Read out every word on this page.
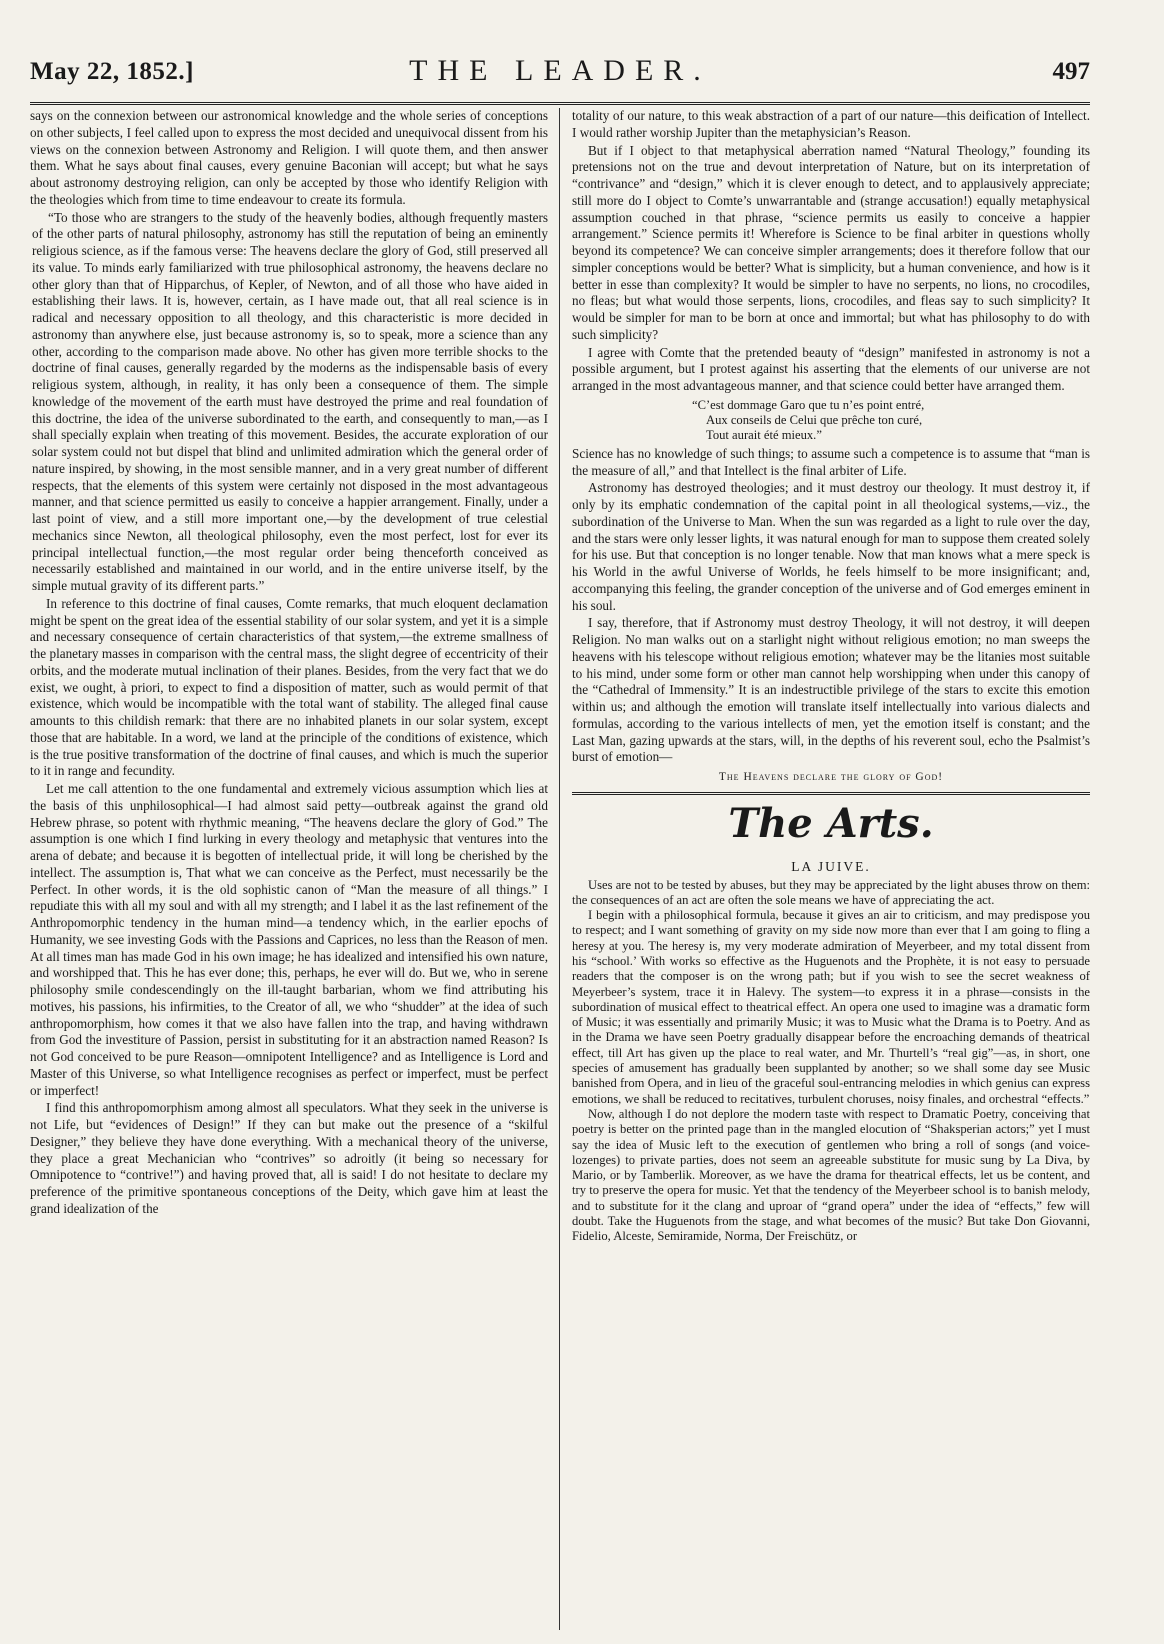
May 22, 1852.]	THE LEADER.	497

says on the connexion between our astronomical knowledge and the whole series of conceptions on other subjects, I feel called upon to express the most decided and unequivocal dissent from his views on the connexion between Astronomy and Religion. I will quote them, and then answer them. What he says about final causes, every genuine Baconian will accept; but what he says about astronomy destroying religion, can only be accepted by those who identify Religion with the theologies which from time to time endeavour to create its formula.

“To those who are strangers to the study of the heavenly bodies, although frequently masters of the other parts of natural philosophy, astronomy has still the reputation of being an eminently religious science, as if the famous verse: The heavens declare the glory of God, still preserved all its value. To minds early familiarized with true philosophical astronomy, the heavens declare no other glory than that of Hipparchus, of Kepler, of Newton, and of all those who have aided in establishing their laws. It is, however, certain, as I have made out, that all real science is in radical and necessary opposition to all theology, and this characteristic is more decided in astronomy than anywhere else, just because astronomy is, so to speak, more a science than any other, according to the comparison made above. No other has given more terrible shocks to the doctrine of final causes, generally regarded by the moderns as the indispensable basis of every religious system, although, in reality, it has only been a consequence of them. The simple knowledge of the movement of the earth must have destroyed the prime and real foundation of this doctrine, the idea of the universe subordinated to the earth, and consequently to man,—as I shall specially explain when treating of this movement. Besides, the accurate exploration of our solar system could not but dispel that blind and unlimited admiration which the general order of nature inspired, by showing, in the most sensible manner, and in a very great number of different respects, that the elements of this system were certainly not disposed in the most advantageous manner, and that science permitted us easily to conceive a happier arrangement. Finally, under a last point of view, and a still more important one,—by the development of true celestial mechanics since Newton, all theological philosophy, even the most perfect, lost for ever its principal intellectual function,—the most regular order being thenceforth conceived as necessarily established and maintained in our world, and in the entire universe itself, by the simple mutual gravity of its different parts.”

In reference to this doctrine of final causes, Comte remarks, that much eloquent declamation might be spent on the great idea of the essential stability of our solar system, and yet it is a simple and necessary consequence of certain characteristics of that system,—the extreme smallness of the planetary masses in comparison with the central mass, the slight degree of eccentricity of their orbits, and the moderate mutual inclination of their planes. Besides, from the very fact that we do exist, we ought, à priori, to expect to find a disposition of matter, such as would permit of that existence, which would be incompatible with the total want of stability. The alleged final cause amounts to this childish remark: that there are no inhabited planets in our solar system, except those that are habitable. In a word, we land at the principle of the conditions of existence, which is the true positive transformation of the doctrine of final causes, and which is much the superior to it in range and fecundity.

Let me call attention to the one fundamental and extremely vicious assumption which lies at the basis of this unphilosophical—I had almost said petty—outbreak against the grand old Hebrew phrase, so potent with rhythmic meaning, “The heavens declare the glory of God.” The assumption is one which I find lurking in every theology and metaphysic that ventures into the arena of debate; and because it is begotten of intellectual pride, it will long be cherished by the intellect. The assumption is, That what we can conceive as the Perfect, must necessarily be the Perfect. In other words, it is the old sophistic canon of “Man the measure of all things.” I repudiate this with all my soul and with all my strength; and I label it as the last refinement of the Anthropomorphic tendency in the human mind—a tendency which, in the earlier epochs of Humanity, we see investing Gods with the Passions and Caprices, no less than the Reason of men. At all times man has made God in his own image; he has idealized and intensified his own nature, and worshipped that. This he has ever done; this, perhaps, he ever will do. But we, who in serene philosophy smile condescendingly on the ill-taught barbarian, whom we find attributing his motives, his passions, his infirmities, to the Creator of all, we who “shudder” at the idea of such anthropomorphism, how comes it that we also have fallen into the trap, and having withdrawn from God the investiture of Passion, persist in substituting for it an abstraction named Reason? Is not God conceived to be pure Reason—omnipotent Intelligence? and as Intelligence is Lord and Master of this Universe, so what Intelligence recognises as perfect or imperfect, must be perfect or imperfect!

I find this anthropomorphism among almost all speculators. What they seek in the universe is not Life, but “evidences of Design!” If they can but make out the presence of a “skilful Designer,” they believe they have done everything. With a mechanical theory of the universe, they place a great Mechanician who “contrives” so adroitly (it being so necessary for Omnipotence to “contrive!”) and having proved that, all is said! I do not hesitate to declare my preference of the primitive spontaneous conceptions of the Deity, which gave him at least the grand idealization of the

totality of our nature, to this weak abstraction of a part of our nature—this deification of Intellect. I would rather worship Jupiter than the metaphysician’s Reason.

But if I object to that metaphysical aberration named “Natural Theology,” founding its pretensions not on the true and devout interpretation of Nature, but on its interpretation of “contrivance” and “design,” which it is clever enough to detect, and to applausively appreciate; still more do I object to Comte’s unwarrantable and (strange accusation!) equally metaphysical assumption couched in that phrase, “science permits us easily to conceive a happier arrangement.” Science permits it! Wherefore is Science to be final arbiter in questions wholly beyond its competence? We can conceive simpler arrangements; does it therefore follow that our simpler conceptions would be better? What is simplicity, but a human convenience, and how is it better in esse than complexity? It would be simpler to have no serpents, no lions, no crocodiles, no fleas; but what would those serpents, lions, crocodiles, and fleas say to such simplicity? It would be simpler for man to be born at once and immortal; but what has philosophy to do with such simplicity?

I agree with Comte that the pretended beauty of “design” manifested in astronomy is not a possible argument, but I protest against his asserting that the elements of our universe are not arranged in the most advantageous manner, and that science could better have arranged them.

“C’est dommage Garo que tu n’es point entré,
Aux conseils de Celui que prêche ton curé,
Tout aurait été mieux.”

Science has no knowledge of such things; to assume such a competence is to assume that “man is the measure of all,” and that Intellect is the final arbiter of Life.

Astronomy has destroyed theologies; and it must destroy our theology. It must destroy it, if only by its emphatic condemnation of the capital point in all theological systems,—viz., the subordination of the Universe to Man. When the sun was regarded as a light to rule over the day, and the stars were only lesser lights, it was natural enough for man to suppose them created solely for his use. But that conception is no longer tenable. Now that man knows what a mere speck is his World in the awful Universe of Worlds, he feels himself to be more insignificant; and, accompanying this feeling, the grander conception of the universe and of God emerges eminent in his soul.

I say, therefore, that if Astronomy must destroy Theology, it will not destroy, it will deepen Religion. No man walks out on a starlight night without religious emotion; no man sweeps the heavens with his telescope without religious emotion; whatever may be the litanies most suitable to his mind, under some form or other man cannot help worshipping when under this canopy of the “Cathedral of Immensity.” It is an indestructible privilege of the stars to excite this emotion within us; and although the emotion will translate itself intellectually into various dialects and formulas, according to the various intellects of men, yet the emotion itself is constant; and the Last Man, gazing upwards at the stars, will, in the depths of his reverent soul, echo the Psalmist’s burst of emotion—

The Heavens declare the glory of God!
The Arts.
LA JUIVE.

Uses are not to be tested by abuses, but they may be appreciated by the light abuses throw on them: the consequences of an act are often the sole means we have of appreciating the act.

I begin with a philosophical formula, because it gives an air to criticism, and may predispose you to respect; and I want something of gravity on my side now more than ever that I am going to fling a heresy at you. The heresy is, my very moderate admiration of Meyerbeer, and my total dissent from his “school.’ With works so effective as the Huguenots and the Prophète, it is not easy to persuade readers that the composer is on the wrong path; but if you wish to see the secret weakness of Meyerbeer’s system, trace it in Halevy. The system—to express it in a phrase—consists in the subordination of musical effect to theatrical effect. An opera one used to imagine was a dramatic form of Music; it was essentially and primarily Music; it was to Music what the Drama is to Poetry. And as in the Drama we have seen Poetry gradually disappear before the encroaching demands of theatrical effect, till Art has given up the place to real water, and Mr. Thurtell’s “real gig”—as, in short, one species of amusement has gradually been supplanted by another; so we shall some day see Music banished from Opera, and in lieu of the graceful soul-entrancing melodies in which genius can express emotions, we shall be reduced to recitatives, turbulent choruses, noisy finales, and orchestral “effects.”

Now, although I do not deplore the modern taste with respect to Dramatic Poetry, conceiving that poetry is better on the printed page than in the mangled elocution of “Shaksperian actors;” yet I must say the idea of Music left to the execution of gentlemen who bring a roll of songs (and voice-lozenges) to private parties, does not seem an agreeable substitute for music sung by La Diva, by Mario, or by Tamberlik. Moreover, as we have the drama for theatrical effects, let us be content, and try to preserve the opera for music. Yet that the tendency of the Meyerbeer school is to banish melody, and to substitute for it the clang and uproar of “grand opera” under the idea of “effects,” few will doubt. Take the Huguenots from the stage, and what becomes of the music? But take Don Giovanni, Fidelio, Alceste, Semiramide, Norma, Der Freischütz, or
